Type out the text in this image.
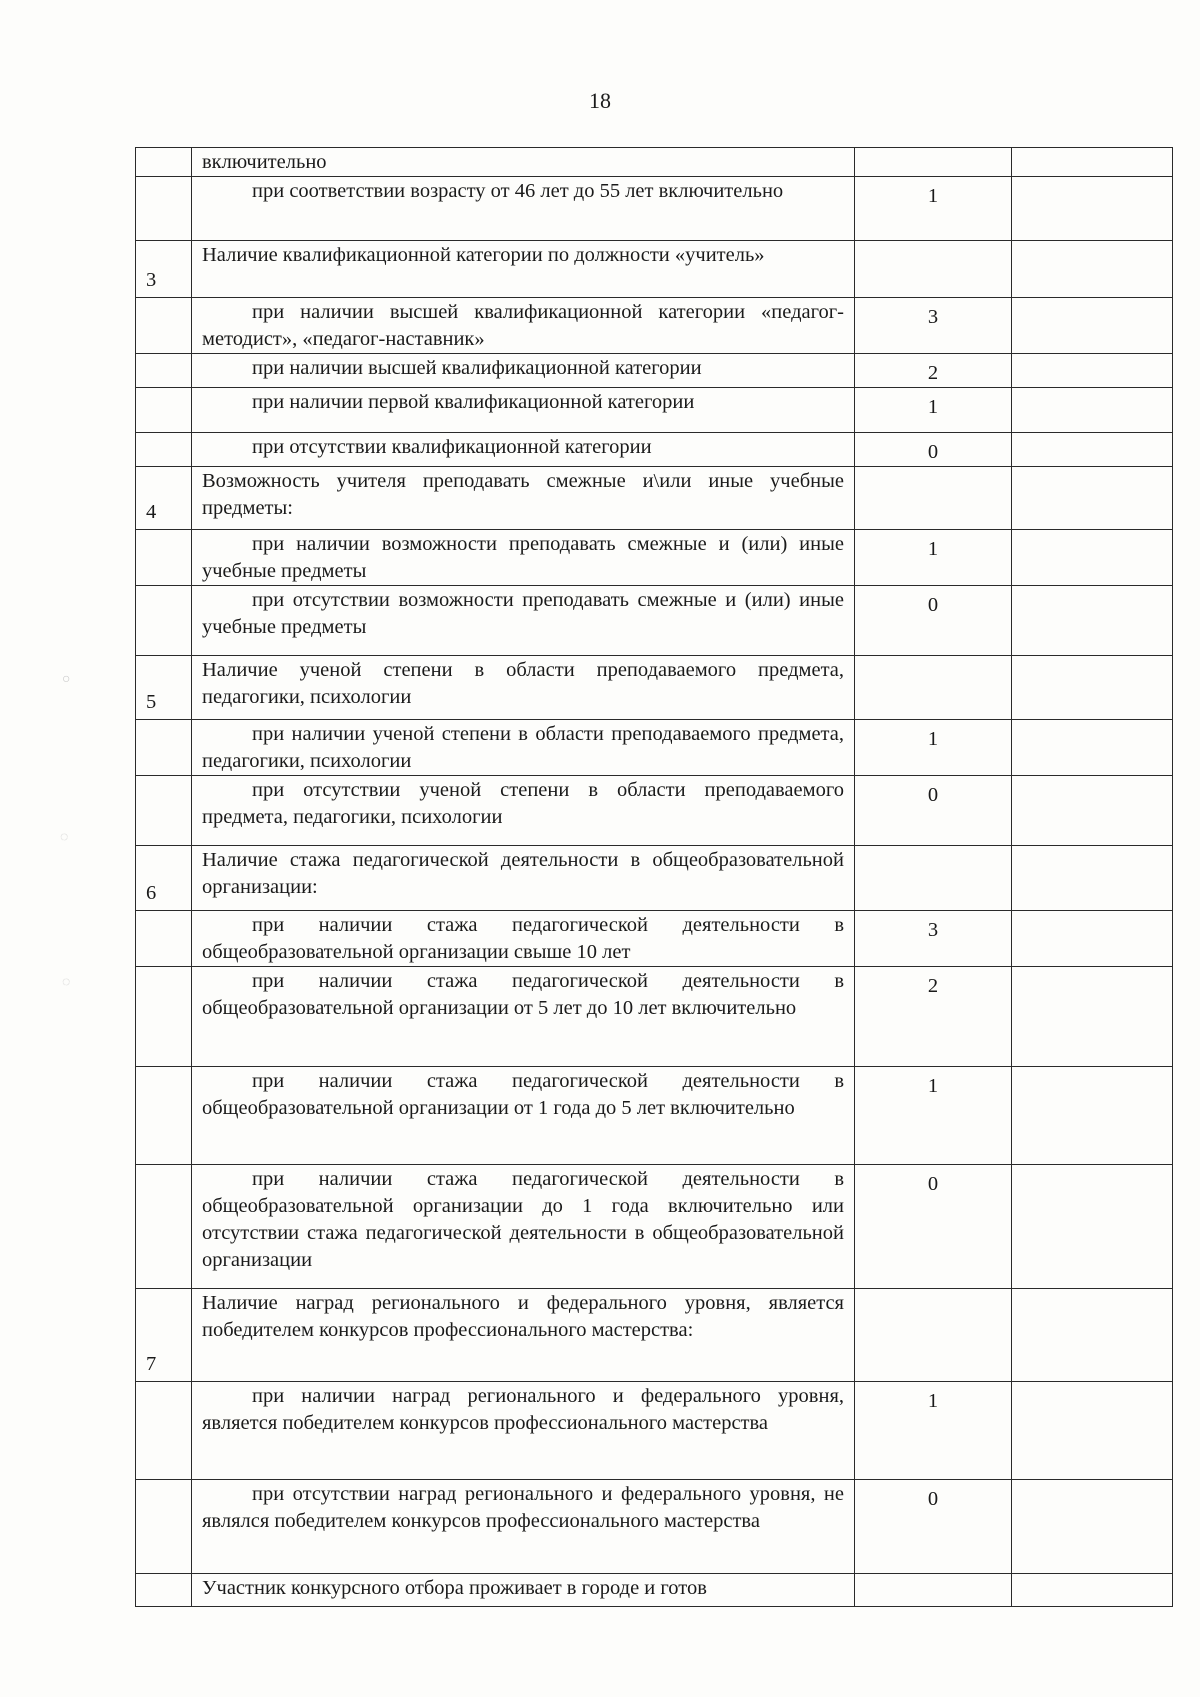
18
	включительно		
	при соответствии возрасту от 46 лет до 55 лет включительно	1	
3	Наличие квалификационной категории по должности «учитель»		
	при наличии высшей квалификационной категории «педагог-методист», «педагог-наставник»	3	
	при наличии высшей квалификационной категории	2	
	при наличии первой квалификационной категории	1	
	при отсутствии квалификационной категории	0	
4	Возможность учителя преподавать смежные и\или иные учебные предметы:		
	при наличии возможности преподавать смежные и (или) иные учебные предметы	1	
	при отсутствии возможности преподавать смежные и (или) иные учебные предметы	0	
5	Наличие ученой степени в области преподаваемого предмета, педагогики, психологии		
	при наличии ученой степени в области преподаваемого предмета, педагогики, психологии	1	
	при отсутствии ученой степени в области преподаваемого предмета, педагогики, психологии	0	
6	Наличие стажа педагогической деятельности в общеобразовательной организации:		
	при наличии стажа педагогической деятельности в общеобразовательной организации свыше 10 лет	3	
	при наличии стажа педагогической деятельности в общеобразовательной организации от 5 лет до 10 лет включительно	2	
	при наличии стажа педагогической деятельности в общеобразовательной организации от 1 года до 5 лет включительно	1	
	при наличии стажа педагогической деятельности в общеобразовательной организации до 1 года включительно или отсутствии стажа педагогической деятельности в общеобразовательной организации	0	
7	Наличие наград регионального и федерального уровня, является победителем конкурсов профессионального мастерства:		
	при наличии наград регионального и федерального уровня, является победителем конкурсов профессионального мастерства	1	
	при отсутствии наград регионального и федерального уровня, не являлся победителем конкурсов профессионального мастерства	0	
	Участник конкурсного отбора проживает в городе и готов		
○
◌
◌
